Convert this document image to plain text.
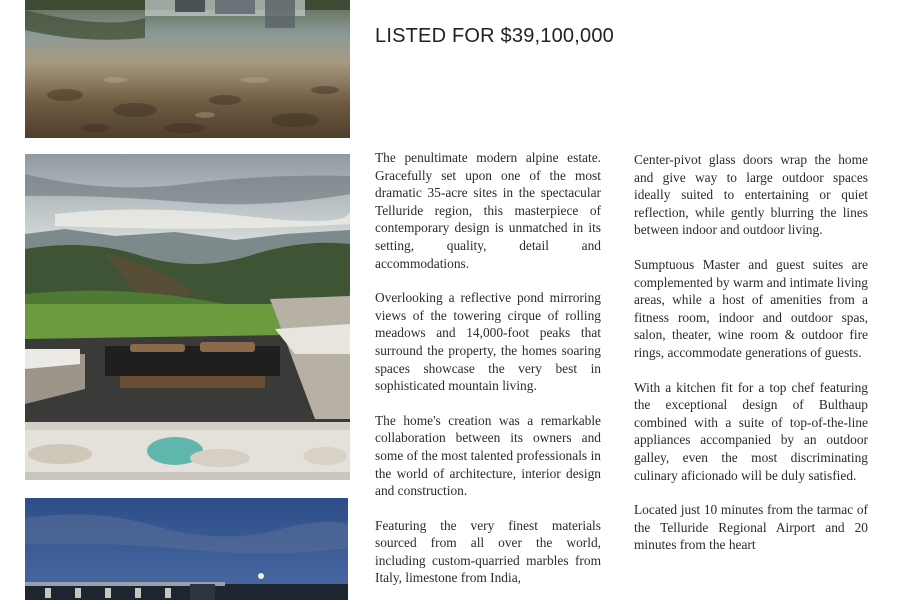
LISTED FOR $39,100,000

The penultimate modern alpine estate. Gracefully set upon one of the most dramatic 35-acre sites in the spectacular Telluride region, this masterpiece of contemporary design is unmatched in its setting, quality, detail and accommodations.

Overlooking a reflective pond mirroring views of the towering cirque of rolling meadows and 14,000-foot peaks that surround the property, the homes soaring spaces showcase the very best in sophisticated mountain living.

The home's creation was a remarkable collaboration between its owners and some of the most talented professionals in the world of architecture, interior design and construction.

Featuring the very finest materials sourced from all over the world, including custom-quarried marbles from Italy, limestone from India,

Center-pivot glass doors wrap the home and give way to large outdoor spaces ideally suited to entertaining or quiet reflection, while gently blurring the lines between indoor and outdoor living.

Sumptuous Master and guest suites are complemented by warm and intimate living areas, while a host of amenities from a fitness room, indoor and outdoor spas, salon, theater, wine room & outdoor fire rings, accommodate generations of guests.

With a kitchen fit for a top chef featuring the exceptional design of Bulthaup combined with a suite of top-of-the-line appliances accompanied by an outdoor galley, even the most discriminating culinary aficionado will be duly satisfied.

Located just 10 minutes from the tarmac of the Telluride Regional Airport and 20 minutes from the heart
